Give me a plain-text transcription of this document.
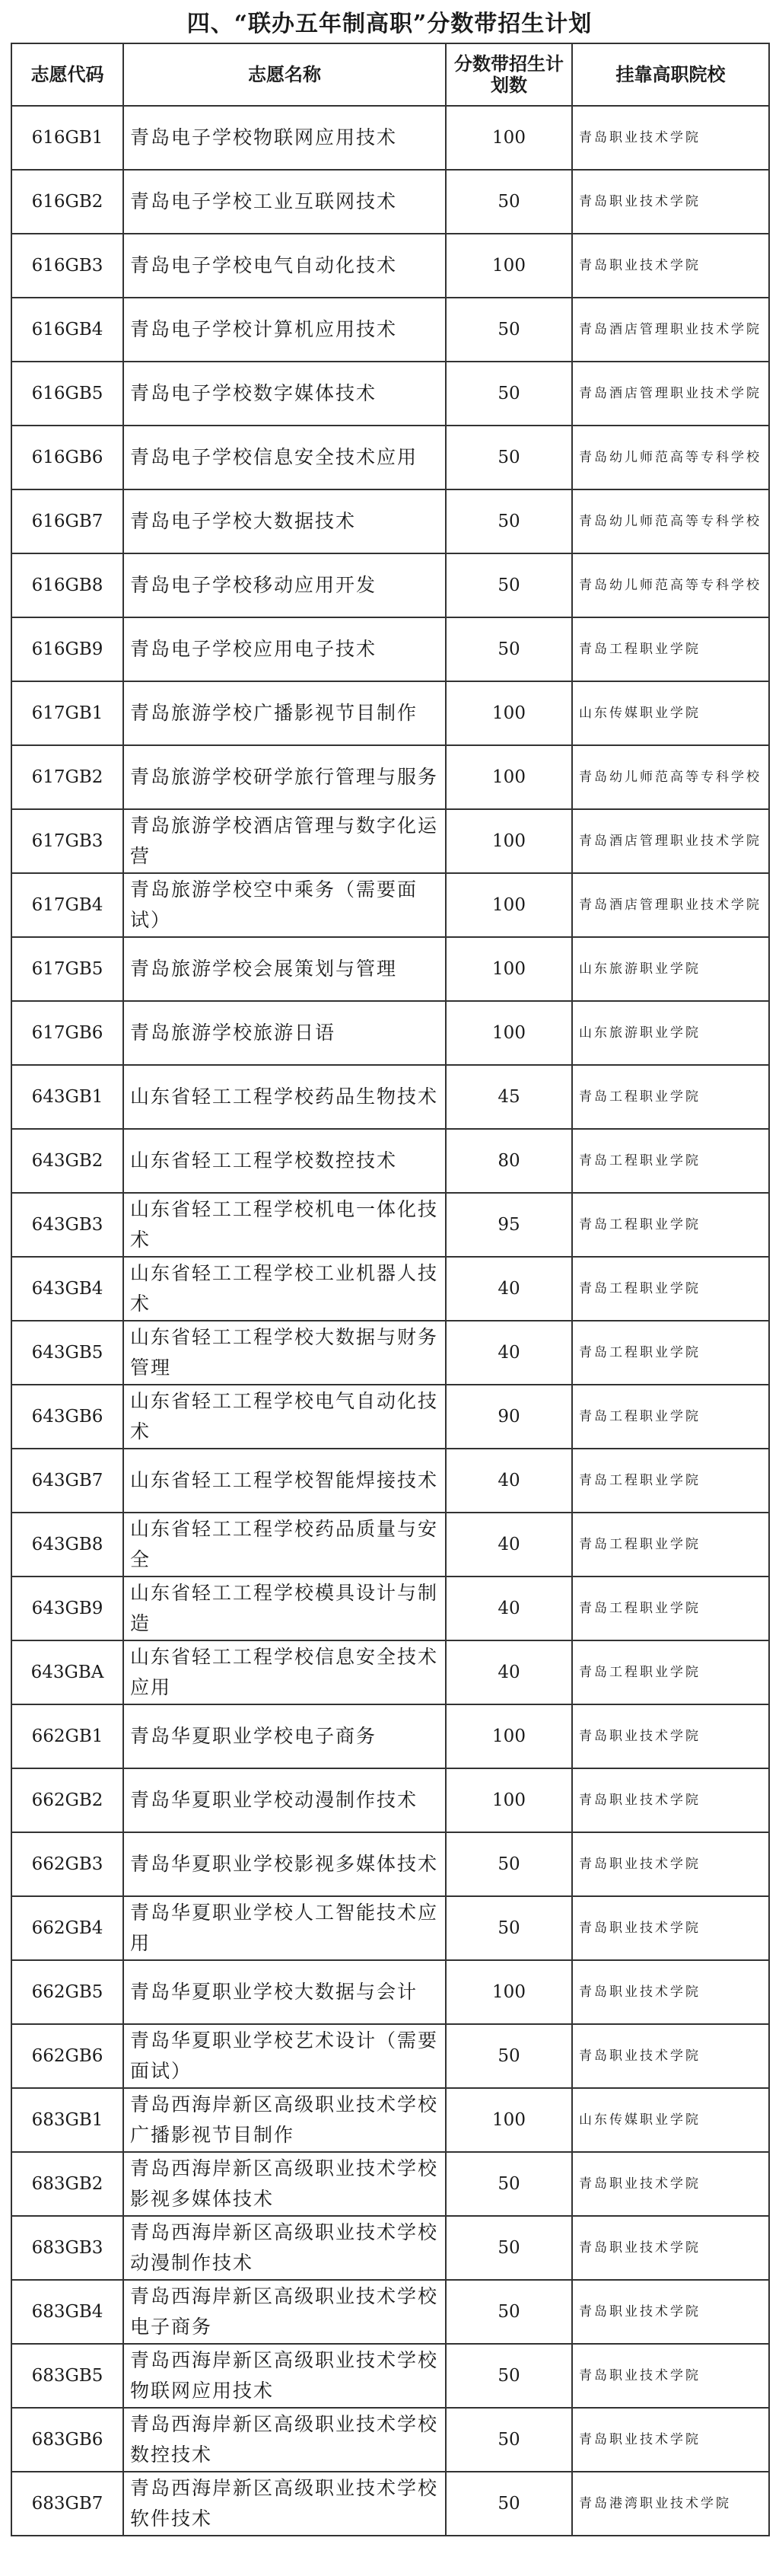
四、“联办五年制高职”分数带招生计划
志愿代码	志愿名称	分数带招生计划数	挂靠高职院校
616GB1	青岛电子学校物联网应用技术	100	青岛职业技术学院
616GB2	青岛电子学校工业互联网技术	50	青岛职业技术学院
616GB3	青岛电子学校电气自动化技术	100	青岛职业技术学院
616GB4	青岛电子学校计算机应用技术	50	青岛酒店管理职业技术学院
616GB5	青岛电子学校数字媒体技术	50	青岛酒店管理职业技术学院
616GB6	青岛电子学校信息安全技术应用	50	青岛幼儿师范高等专科学校
616GB7	青岛电子学校大数据技术	50	青岛幼儿师范高等专科学校
616GB8	青岛电子学校移动应用开发	50	青岛幼儿师范高等专科学校
616GB9	青岛电子学校应用电子技术	50	青岛工程职业学院
617GB1	青岛旅游学校广播影视节目制作	100	山东传媒职业学院
617GB2	青岛旅游学校研学旅行管理与服务	100	青岛幼儿师范高等专科学校
617GB3	青岛旅游学校酒店管理与数字化运营	100	青岛酒店管理职业技术学院
617GB4	青岛旅游学校空中乘务（需要面试）	100	青岛酒店管理职业技术学院
617GB5	青岛旅游学校会展策划与管理	100	山东旅游职业学院
617GB6	青岛旅游学校旅游日语	100	山东旅游职业学院
643GB1	山东省轻工工程学校药品生物技术	45	青岛工程职业学院
643GB2	山东省轻工工程学校数控技术	80	青岛工程职业学院
643GB3	山东省轻工工程学校机电一体化技术	95	青岛工程职业学院
643GB4	山东省轻工工程学校工业机器人技术	40	青岛工程职业学院
643GB5	山东省轻工工程学校大数据与财务管理	40	青岛工程职业学院
643GB6	山东省轻工工程学校电气自动化技术	90	青岛工程职业学院
643GB7	山东省轻工工程学校智能焊接技术	40	青岛工程职业学院
643GB8	山东省轻工工程学校药品质量与安全	40	青岛工程职业学院
643GB9	山东省轻工工程学校模具设计与制造	40	青岛工程职业学院
643GBA	山东省轻工工程学校信息安全技术应用	40	青岛工程职业学院
662GB1	青岛华夏职业学校电子商务	100	青岛职业技术学院
662GB2	青岛华夏职业学校动漫制作技术	100	青岛职业技术学院
662GB3	青岛华夏职业学校影视多媒体技术	50	青岛职业技术学院
662GB4	青岛华夏职业学校人工智能技术应用	50	青岛职业技术学院
662GB5	青岛华夏职业学校大数据与会计	100	青岛职业技术学院
662GB6	青岛华夏职业学校艺术设计（需要面试）	50	青岛职业技术学院
683GB1	青岛西海岸新区高级职业技术学校广播影视节目制作	100	山东传媒职业学院
683GB2	青岛西海岸新区高级职业技术学校影视多媒体技术	50	青岛职业技术学院
683GB3	青岛西海岸新区高级职业技术学校动漫制作技术	50	青岛职业技术学院
683GB4	青岛西海岸新区高级职业技术学校电子商务	50	青岛职业技术学院
683GB5	青岛西海岸新区高级职业技术学校物联网应用技术	50	青岛职业技术学院
683GB6	青岛西海岸新区高级职业技术学校数控技术	50	青岛职业技术学院
683GB7	青岛西海岸新区高级职业技术学校软件技术	50	青岛港湾职业技术学院
